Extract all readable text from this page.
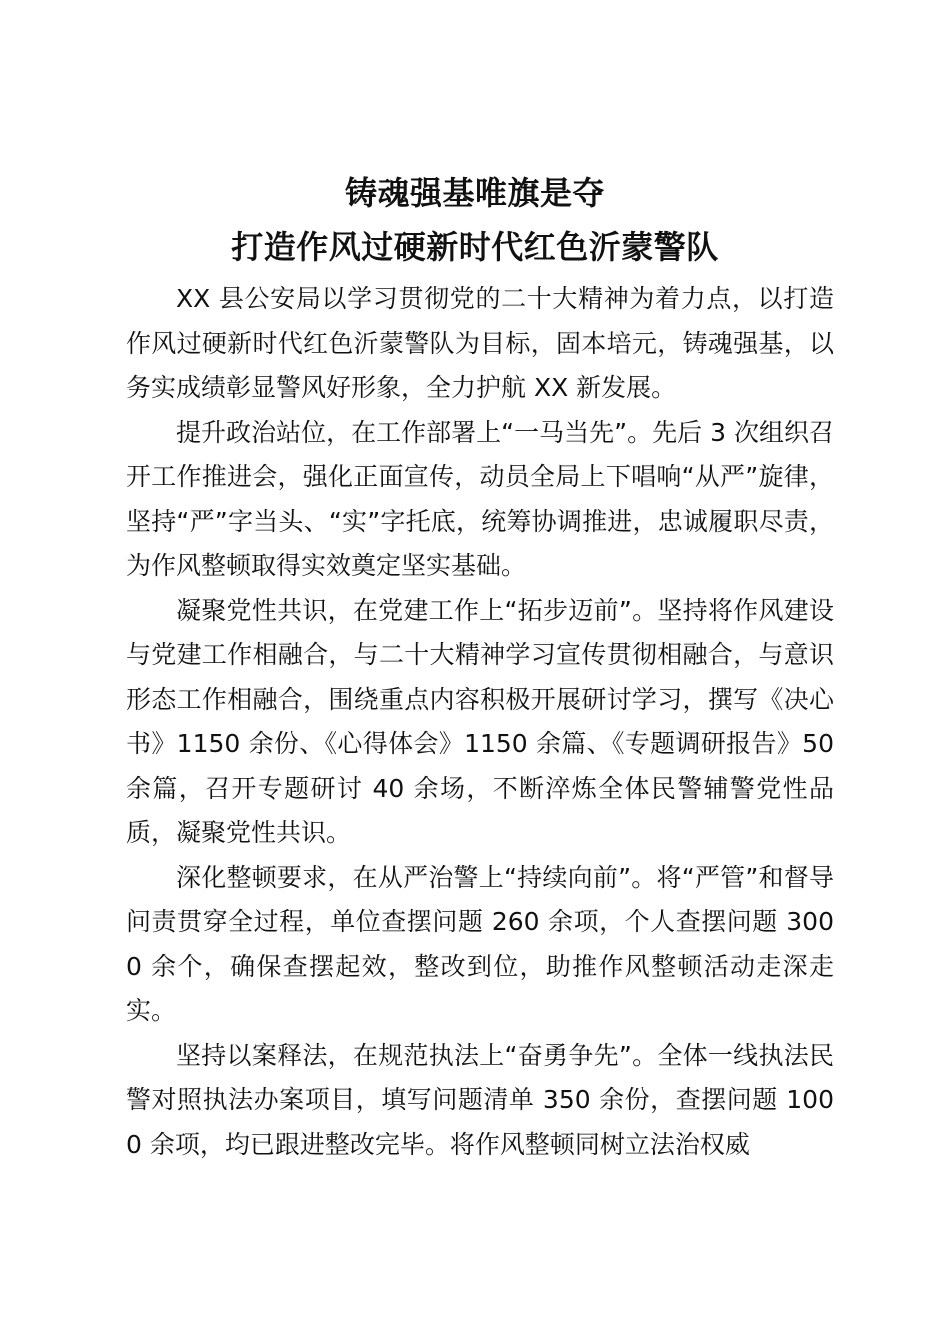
铸魂强基唯旗是夺
打造作风过硬新时代红色沂蒙警队

XX 县公安局以学习贯彻党的二十大精神为着力点，以打造作风过硬新时代红色沂蒙警队为目标，固本培元，铸魂强基，以务实成绩彰显警风好形象，全力护航 XX 新发展。

提升政治站位，在工作部署上“一马当先”。先后 3 次组织召开工作推进会，强化正面宣传，动员全局上下唱响“从严”旋律，坚持“严”字当头、“实”字托底，统筹协调推进，忠诚履职尽责，为作风整顿取得实效奠定坚实基础。

凝聚党性共识，在党建工作上“拓步迈前”。坚持将作风建设与党建工作相融合，与二十大精神学习宣传贯彻相融合，与意识形态工作相融合，围绕重点内容积极开展研讨学习，撰写《决心书》1150 余份、《心得体会》1150 余篇、《专题调研报告》50 余篇，召开专题研讨 40 余场，不断淬炼全体民警辅警党性品质，凝聚党性共识。

深化整顿要求，在从严治警上“持续向前”。将“严管”和督导问责贯穿全过程，单位查摆问题 260 余项，个人查摆问题 3000 余个，确保查摆起效，整改到位，助推作风整顿活动走深走实。

坚持以案释法，在规范执法上“奋勇争先”。全体一线执法民警对照执法办案项目，填写问题清单 350 余份，查摆问题 1000 余项，均已跟进整改完毕。将作风整顿同树立法治权威
